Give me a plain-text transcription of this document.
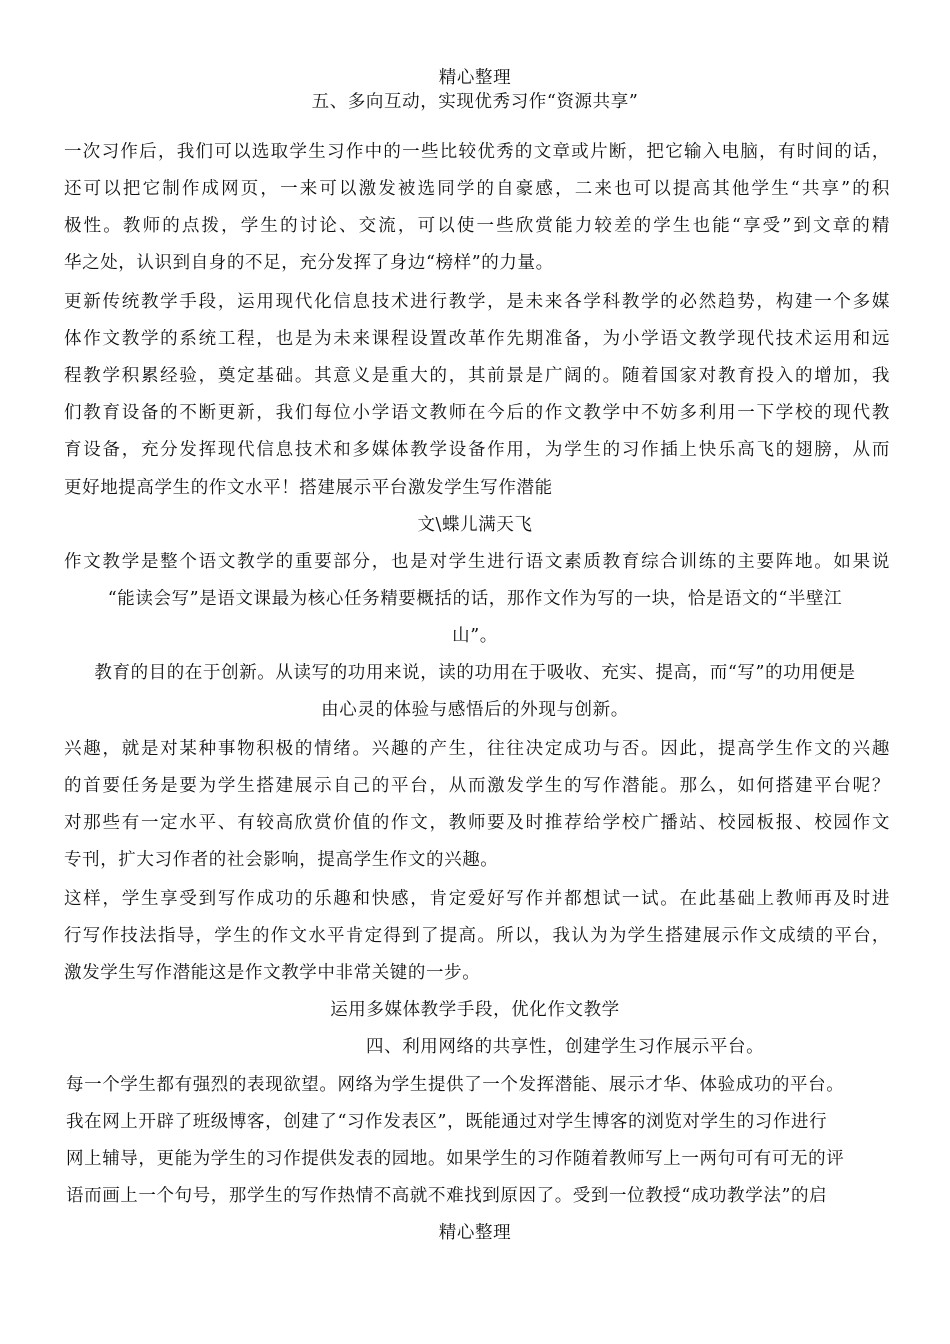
精心整理
五、多向互动，实现优秀习作“资源共享”
一次习作后，我们可以选取学生习作中的一些比较优秀的文章或片断，把它输入电脑，有时间的话，
还可以把它制作成网页，一来可以激发被选同学的自豪感，二来也可以提高其他学生“共享”的积
极性。教师的点拨，学生的讨论、交流，可以使一些欣赏能力较差的学生也能“享受”到文章的精
华之处，认识到自身的不足，充分发挥了身边“榜样”的力量。
更新传统教学手段，运用现代化信息技术进行教学，是未来各学科教学的必然趋势，构建一个多媒
体作文教学的系统工程，也是为未来课程设置改革作先期准备，为小学语文教学现代技术运用和远
程教学积累经验，奠定基础。其意义是重大的，其前景是广阔的。随着国家对教育投入的增加，我
们教育设备的不断更新，我们每位小学语文教师在今后的作文教学中不妨多利用一下学校的现代教
育设备，充分发挥现代信息技术和多媒体教学设备作用，为学生的习作插上快乐高飞的翅膀，从而
更好地提高学生的作文水平！搭建展示平台激发学生写作潜能
文\蝶儿满天飞
作文教学是整个语文教学的重要部分，也是对学生进行语文素质教育综合训练的主要阵地。如果说
“能读会写”是语文课最为核心任务精要概括的话，那作文作为写的一块，恰是语文的“半壁江
山”。
教育的目的在于创新。从读写的功用来说，读的功用在于吸收、充实、提高，而“写”的功用便是
由心灵的体验与感悟后的外现与创新。
兴趣，就是对某种事物积极的情绪。兴趣的产生，往往决定成功与否。因此，提高学生作文的兴趣
的首要任务是要为学生搭建展示自己的平台，从而激发学生的写作潜能。那么，如何搭建平台呢？
对那些有一定水平、有较高欣赏价值的作文，教师要及时推荐给学校广播站、校园板报、校园作文
专刊，扩大习作者的社会影响，提高学生作文的兴趣。
这样，学生享受到写作成功的乐趣和快感，肯定爱好写作并都想试一试。在此基础上教师再及时进
行写作技法指导，学生的作文水平肯定得到了提高。所以，我认为为学生搭建展示作文成绩的平台，
激发学生写作潜能这是作文教学中非常关键的一步。
运用多媒体教学手段，优化作文教学
四、利用网络的共享性，创建学生习作展示平台。
每一个学生都有强烈的表现欲望。网络为学生提供了一个发挥潜能、展示才华、体验成功的平台。
我在网上开辟了班级博客，创建了“习作发表区”，既能通过对学生博客的浏览对学生的习作进行
网上辅导，更能为学生的习作提供发表的园地。如果学生的习作随着教师写上一两句可有可无的评
语而画上一个句号，那学生的写作热情不高就不难找到原因了。受到一位教授“成功教学法”的启
精心整理
